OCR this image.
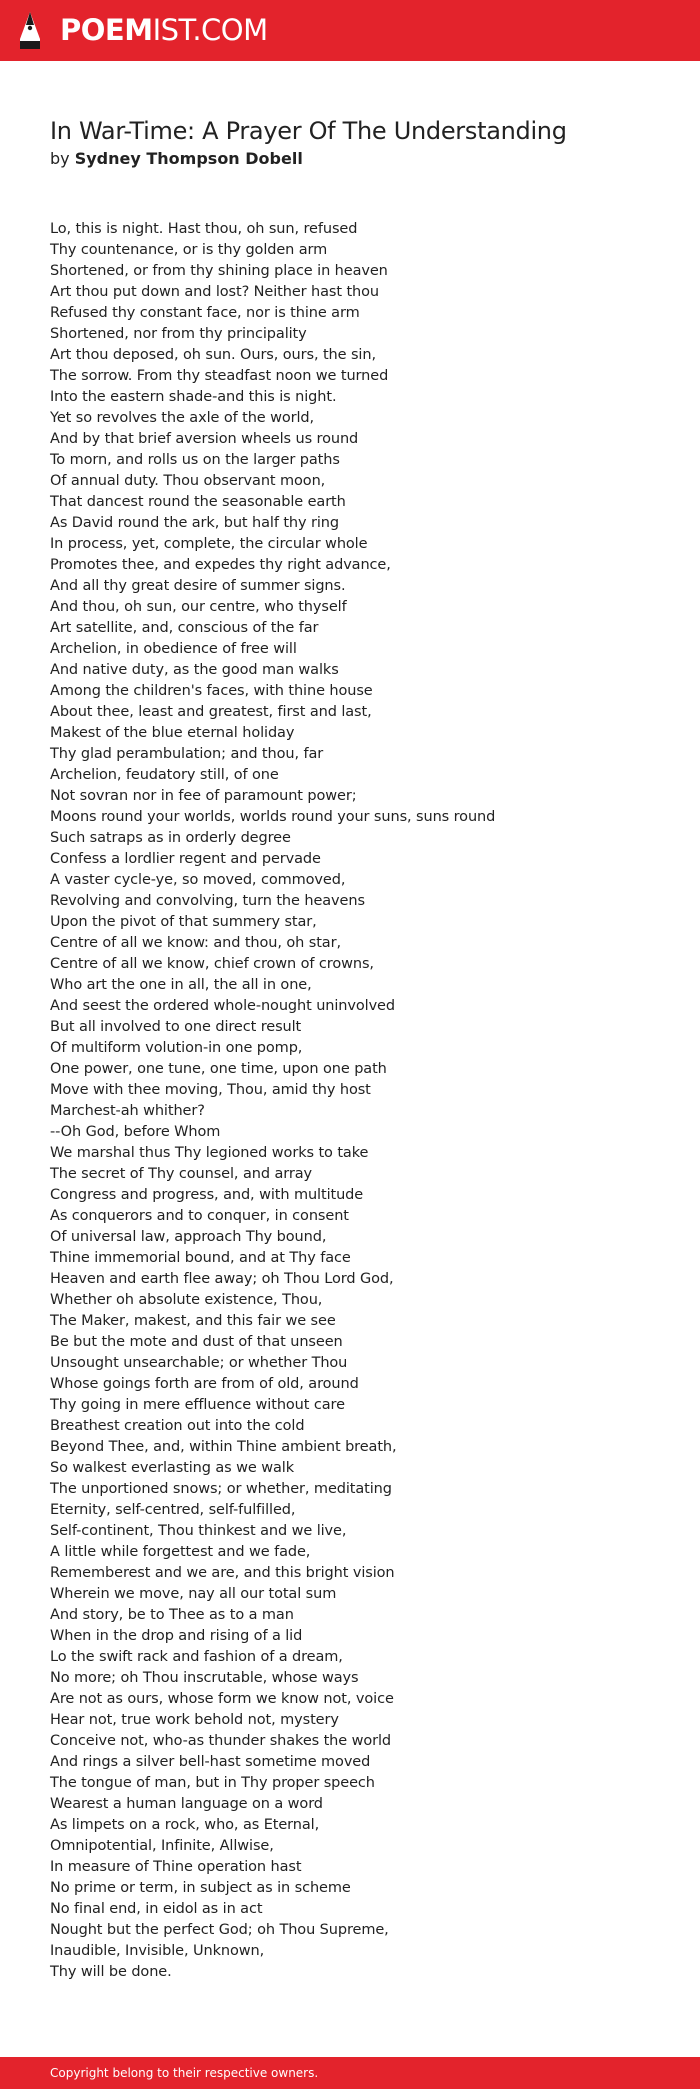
POEMIST.COM
In War-Time: A Prayer Of The Understanding
by Sydney Thompson Dobell
Lo, this is night. Hast thou, oh sun, refused
Thy countenance, or is thy golden arm
Shortened, or from thy shining place in heaven
Art thou put down and lost? Neither hast thou
Refused thy constant face, nor is thine arm
Shortened, nor from thy principality
Art thou deposed, oh sun. Ours, ours, the sin,
The sorrow. From thy steadfast noon we turned
Into the eastern shade-and this is night.
Yet so revolves the axle of the world,
And by that brief aversion wheels us round
To morn, and rolls us on the larger paths
Of annual duty. Thou observant moon,
That dancest round the seasonable earth
As David round the ark, but half thy ring
In process, yet, complete, the circular whole
Promotes thee, and expedes thy right advance,
And all thy great desire of summer signs.
And thou, oh sun, our centre, who thyself
Art satellite, and, conscious of the far
Archelion, in obedience of free will
And native duty, as the good man walks
Among the children's faces, with thine house
About thee, least and greatest, first and last,
Makest of the blue eternal holiday
Thy glad perambulation; and thou, far
Archelion, feudatory still, of one
Not sovran nor in fee of paramount power;
Moons round your worlds, worlds round your suns, suns round
Such satraps as in orderly degree
Confess a lordlier regent and pervade
A vaster cycle-ye, so moved, commoved,
Revolving and convolving, turn the heavens
Upon the pivot of that summery star,
Centre of all we know: and thou, oh star,
Centre of all we know, chief crown of crowns,
Who art the one in all, the all in one,
And seest the ordered whole-nought uninvolved
But all involved to one direct result
Of multiform volution-in one pomp,
One power, one tune, one time, upon one path
Move with thee moving, Thou, amid thy host
Marchest-ah whither?
--Oh God, before Whom
We marshal thus Thy legioned works to take
The secret of Thy counsel, and array
Congress and progress, and, with multitude
As conquerors and to conquer, in consent
Of universal law, approach Thy bound,
Thine immemorial bound, and at Thy face
Heaven and earth flee away; oh Thou Lord God,
Whether oh absolute existence, Thou,
The Maker, makest, and this fair we see
Be but the mote and dust of that unseen
Unsought unsearchable; or whether Thou
Whose goings forth are from of old, around
Thy going in mere effluence without care
Breathest creation out into the cold
Beyond Thee, and, within Thine ambient breath,
So walkest everlasting as we walk
The unportioned snows; or whether, meditating
Eternity, self-centred, self-fulfilled,
Self-continent, Thou thinkest and we live,
A little while forgettest and we fade,
Rememberest and we are, and this bright vision
Wherein we move, nay all our total sum
And story, be to Thee as to a man
When in the drop and rising of a lid
Lo the swift rack and fashion of a dream,
No more; oh Thou inscrutable, whose ways
Are not as ours, whose form we know not, voice
Hear not, true work behold not, mystery
Conceive not, who-as thunder shakes the world
And rings a silver bell-hast sometime moved
The tongue of man, but in Thy proper speech
Wearest a human language on a word
As limpets on a rock, who, as Eternal,
Omnipotential, Infinite, Allwise,
In measure of Thine operation hast
No prime or term, in subject as in scheme
No final end, in eidol as in act
Nought but the perfect God; oh Thou Supreme,
Inaudible, Invisible, Unknown,
Thy will be done.
Copyright belong to their respective owners.
